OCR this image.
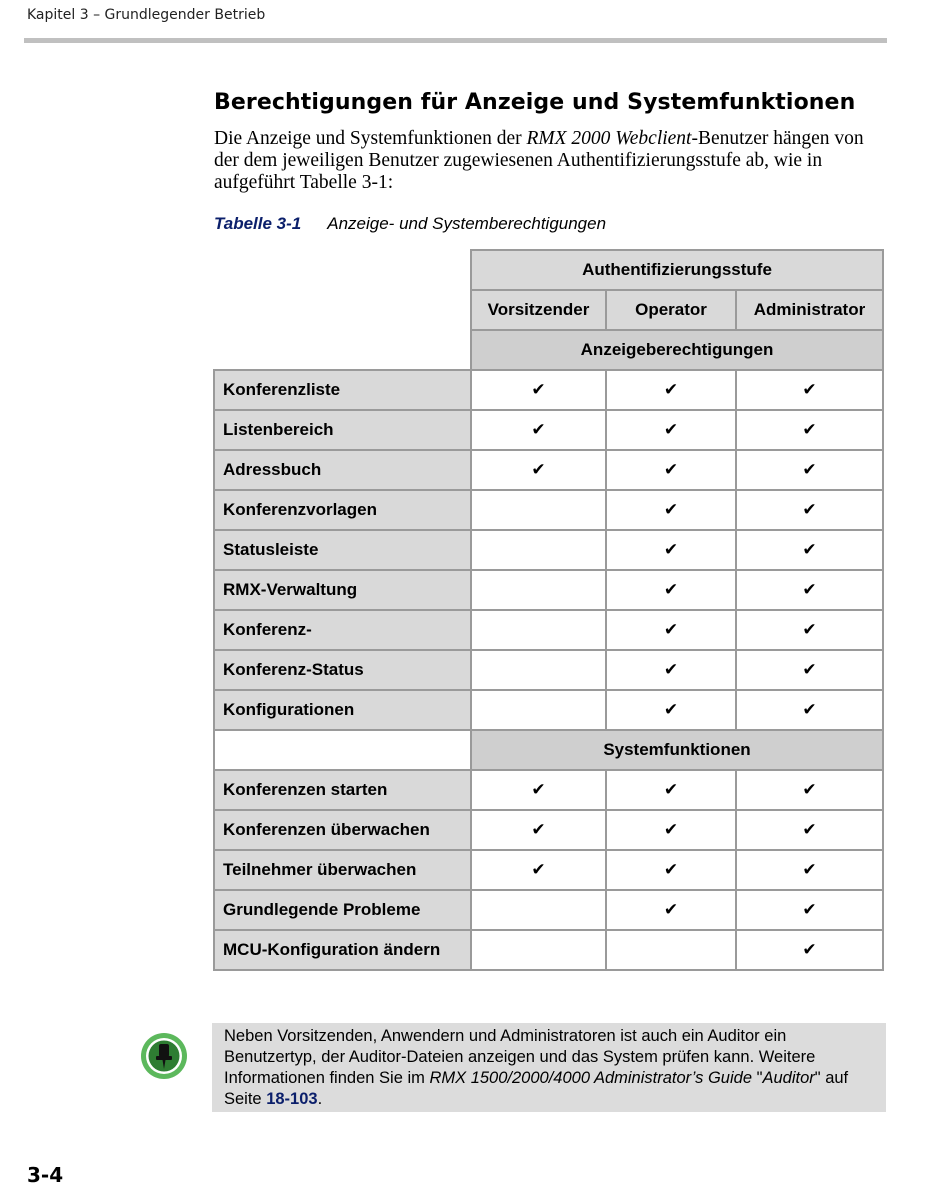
Kapitel 3 – Grundlegender Betrieb
Berechtigungen für Anzeige und Systemfunktionen

Die Anzeige und Systemfunktionen der RMX 2000 Webclient-Benutzer hängen von der dem jeweiligen Benutzer zugewiesenen Authentifizierungsstufe ab, wie in aufgeführt Tabelle 3-1:

Tabelle 3-1 Anzeige- und Systemberechtigungen
	Authentifizierungsstufe		
	Vorsitzender	Operator	Administrator
	Anzeigeberechtigungen		
Konferenzliste	✔	✔	✔
Listenbereich	✔	✔	✔
Adressbuch	✔	✔	✔
Konferenzvorlagen		✔	✔
Statusleiste		✔	✔
RMX-Verwaltung		✔	✔
Konferenz-		✔	✔
Konferenz-Status		✔	✔
Konfigurationen		✔	✔
	Systemfunktionen		
Konferenzen starten	✔	✔	✔
Konferenzen überwachen	✔	✔	✔
Teilnehmer überwachen	✔	✔	✔
Grundlegende Probleme		✔	✔
MCU-Konfiguration ändern			✔
Neben Vorsitzenden, Anwendern und Administratoren ist auch ein Auditor ein Benutzertyp, der Auditor-Dateien anzeigen und das System prüfen kann. Weitere Informationen finden Sie im RMX 1500/2000/4000 Administrator’s Guide "Auditor" auf Seite 18-103.
3-4
